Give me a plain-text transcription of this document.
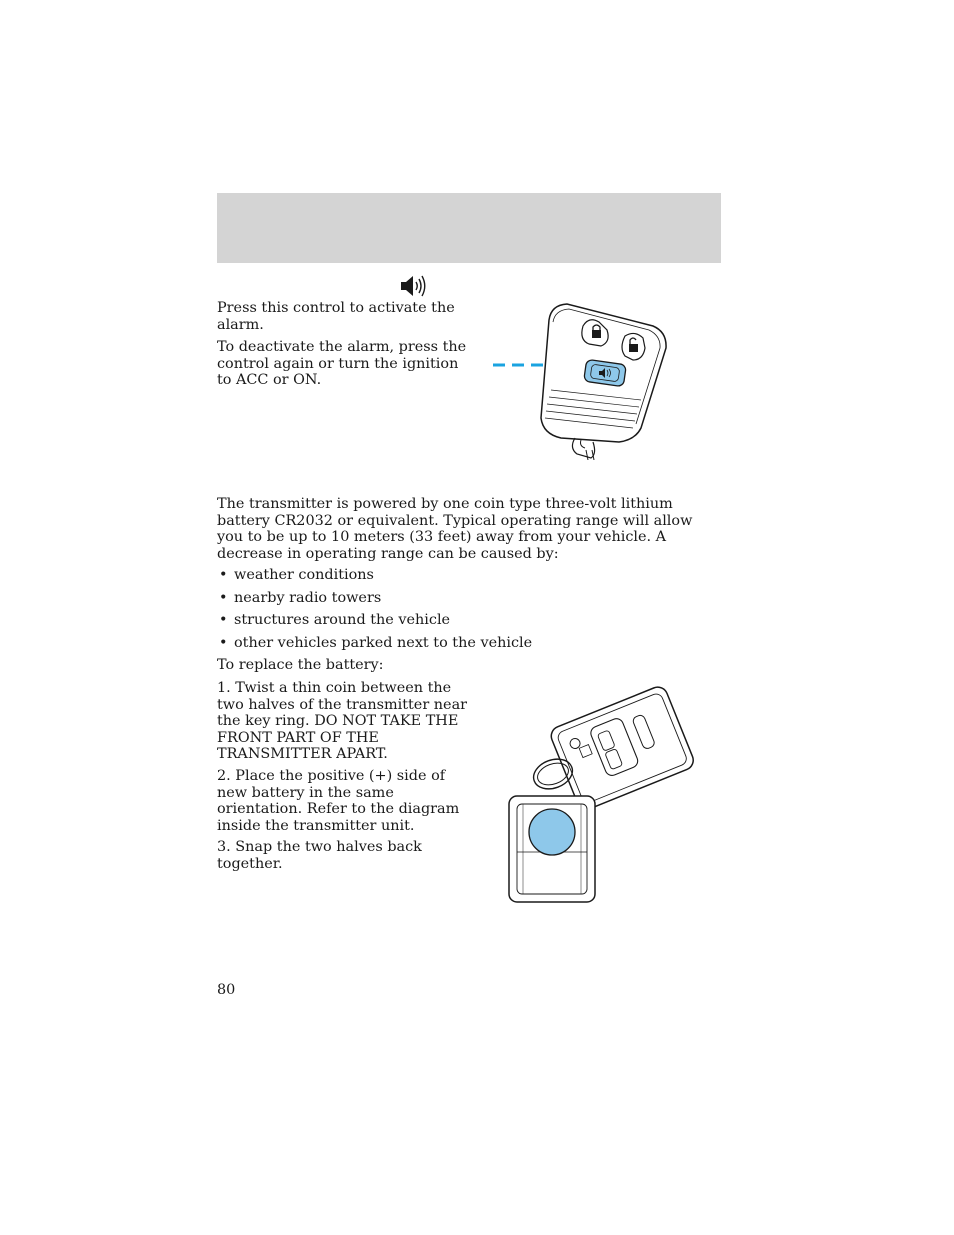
Press this control to activate the alarm.

To deactivate the alarm, press the control again or turn the ignition to ACC or ON.

The transmitter is powered by one coin type three-volt lithium battery CR2032 or equivalent. Typical operating range will allow you to be up to 10 meters (33 feet) away from your vehicle. A decrease in operating range can be caused by:

• weather conditions
• nearby radio towers
• structures around the vehicle
• other vehicles parked next to the vehicle

To replace the battery:

1. Twist a thin coin between the two halves of the transmitter near the key ring. DO NOT TAKE THE FRONT PART OF THE TRANSMITTER APART.

2. Place the positive (+) side of new battery in the same orientation. Refer to the diagram inside the transmitter unit.

3. Snap the two halves back together.

80
